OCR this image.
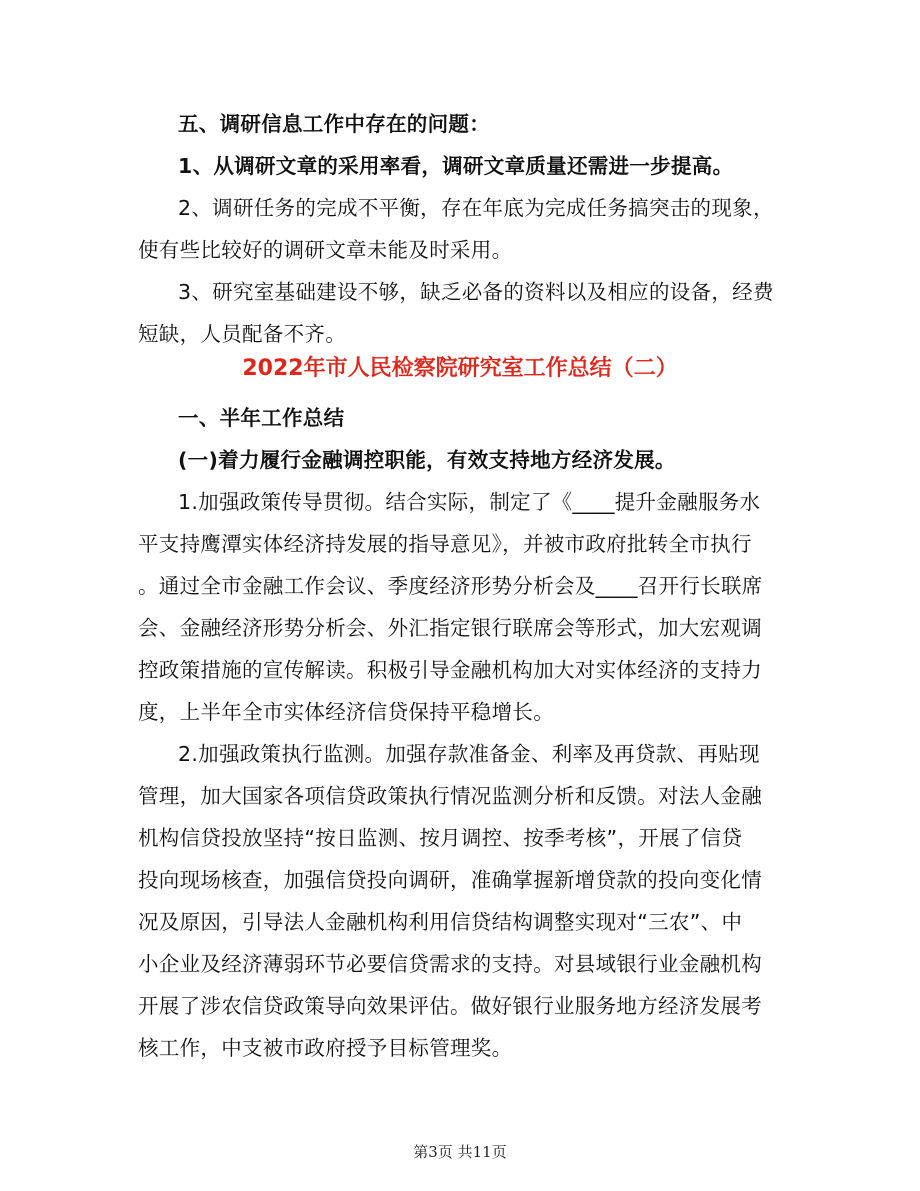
五、调研信息工作中存在的问题：
1、从调研文章的采用率看，调研文章质量还需进一步提高。
2、调研任务的完成不平衡，存在年底为完成任务搞突击的现象，
使有些比较好的调研文章未能及时采用。
3、研究室基础建设不够，缺乏必备的资料以及相应的设备，经费
短缺，人员配备不齐。
2022年市人民检察院研究室工作总结（二）
一、半年工作总结
(一)着力履行金融调控职能，有效支持地方经济发展。
1.加强政策传导贯彻。结合实际，制定了《____提升金融服务水
平支持鹰潭实体经济持发展的指导意见》，并被市政府批转全市执行
。通过全市金融工作会议、季度经济形势分析会及____召开行长联席
会、金融经济形势分析会、外汇指定银行联席会等形式，加大宏观调
控政策措施的宣传解读。积极引导金融机构加大对实体经济的支持力
度，上半年全市实体经济信贷保持平稳增长。
2.加强政策执行监测。加强存款准备金、利率及再贷款、再贴现
管理，加大国家各项信贷政策执行情况监测分析和反馈。对法人金融
机构信贷投放坚持“按日监测、按月调控、按季考核”，开展了信贷
投向现场核查，加强信贷投向调研，准确掌握新增贷款的投向变化情
况及原因，引导法人金融机构利用信贷结构调整实现对“三农”、中
小企业及经济薄弱环节必要信贷需求的支持。对县域银行业金融机构
开展了涉农信贷政策导向效果评估。做好银行业服务地方经济发展考
核工作，中支被市政府授予目标管理奖。
第3页 共11页
